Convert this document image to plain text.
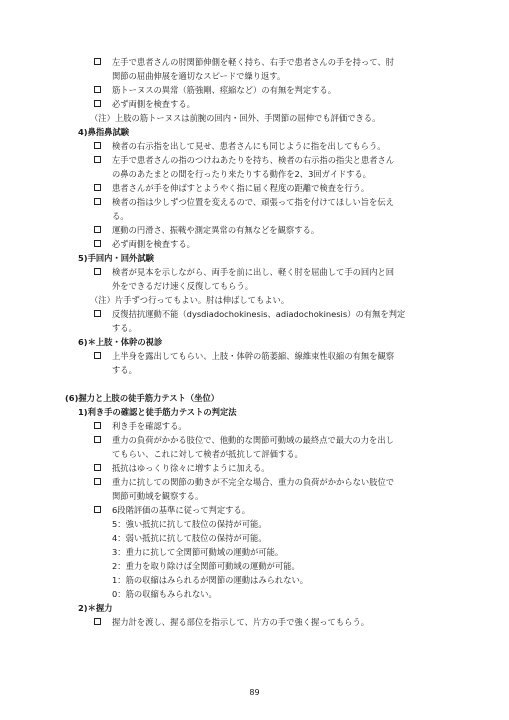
左手で患者さんの肘関節伸側を軽く持ち、右手で患者さんの手を持って、肘
関節の屈曲伸展を適切なスピードで繰り返す。
筋トーヌスの異常（筋強剛、痙縮など）の有無を判定する。
必ず両側を検査する。
（注）上肢の筋トーヌスは前腕の回内・回外、手関節の屈伸でも評価できる。
4)鼻指鼻試験
検者の右示指を出して見せ、患者さんにも同じように指を出してもらう。
左手で患者さんの指のつけねあたりを持ち、検者の右示指の指尖と患者さん
の鼻のあたまとの間を行ったり来たりする動作を2、3回ガイドする。
患者さんが手を伸ばすとようやく指に届く程度の距離で検査を行う。
検者の指は少しずつ位置を変えるので、頑張って指を付けてほしい旨を伝え
る。
運動の円滑さ、振戦や測定異常の有無などを観察する。
必ず両側を検査する。
5)手回内・回外試験
検者が見本を示しながら、両手を前に出し、軽く肘を屈曲して手の回内と回
外をできるだけ速く反復してもらう。
（注）片手ずつ行ってもよい。肘は伸ばしてもよい。
反復拮抗運動不能（dysdiadochokinesis、adiadochokinesis）の有無を判定
する。
6)＊上肢・体幹の視診
上半身を露出してもらい、上肢・体幹の筋萎縮、線維束性収縮の有無を観察
する。
(6)握力と上肢の徒手筋力テスト（坐位）
1)利き手の確認と徒手筋力テストの判定法
利き手を確認する。
重力の負荷がかかる肢位で、他動的な関節可動域の最終点で最大の力を出し
てもらい、これに対して検者が抵抗して評価する。
抵抗はゆっくり徐々に増すように加える。
重力に抗しての関節の動きが不完全な場合、重力の負荷がかからない肢位で
関節可動域を観察する。
6段階評価の基準に従って判定する。
5：強い抵抗に抗して肢位の保持が可能。
4：弱い抵抗に抗して肢位の保持が可能。
3：重力に抗して全関節可動域の運動が可能。
2：重力を取り除けば全関節可動域の運動が可能。
1：筋の収縮はみられるが関節の運動はみられない。
0：筋の収縮もみられない。
2)＊握力
握力計を渡し、握る部位を指示して、片方の手で強く握ってもらう。
89
